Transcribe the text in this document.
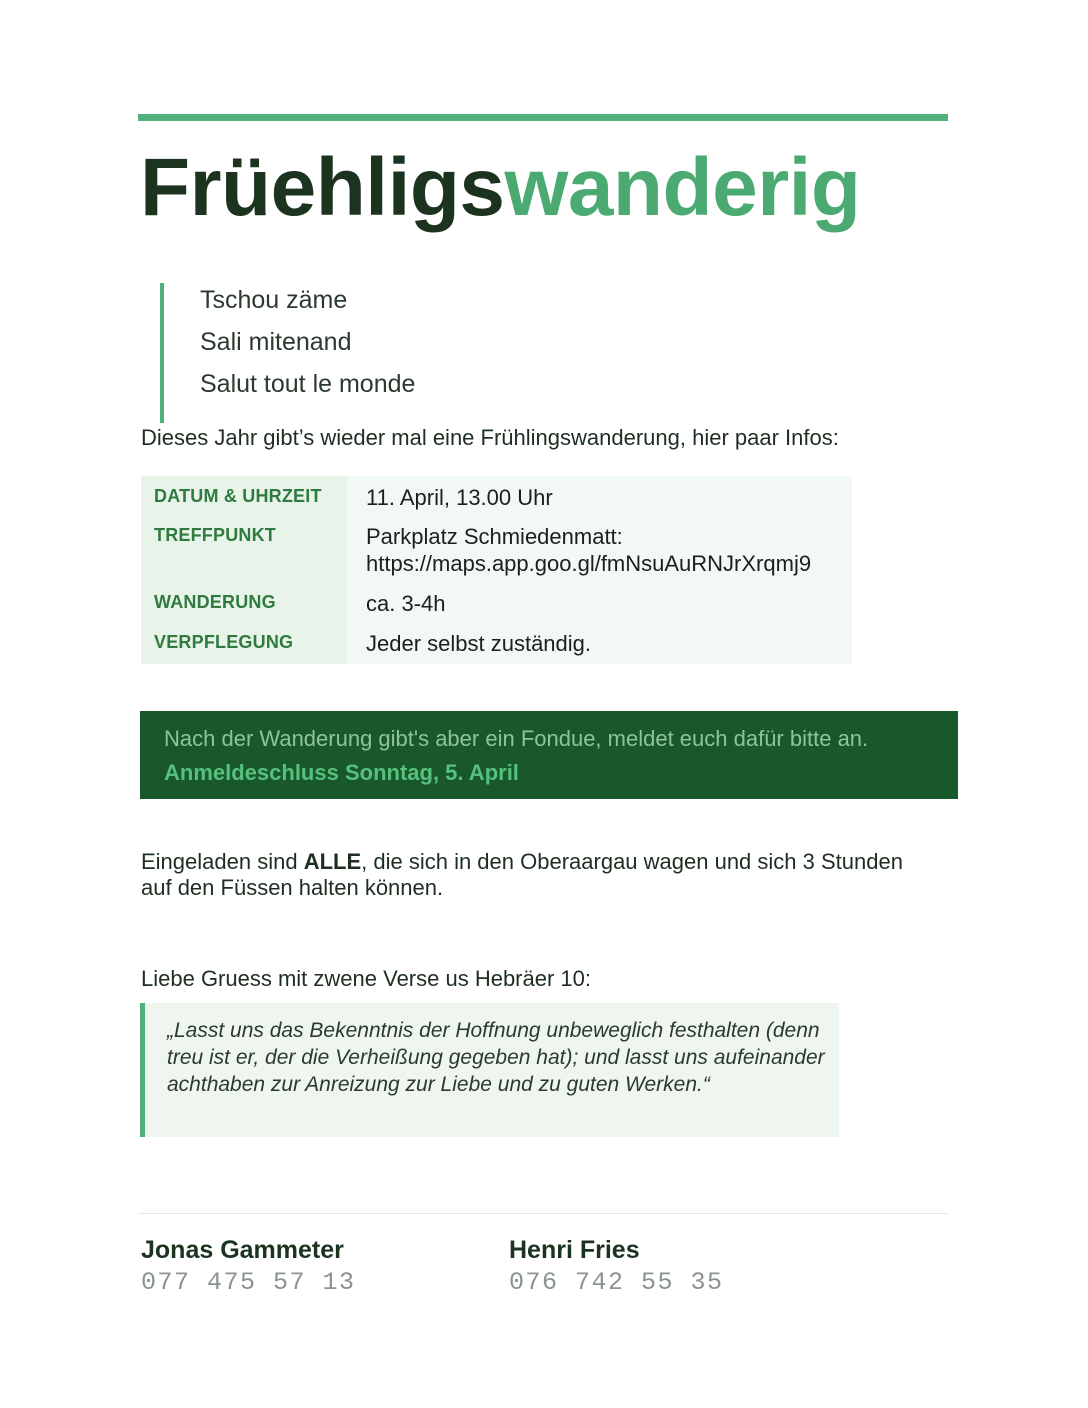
Früehligswanderig
Tschou zäme
Sali mitenand
Salut tout le monde
Dieses Jahr gibt’s wieder mal eine Frühlingswanderung, hier paar Infos:
DATUM & UHRZEIT 11. April, 13.00 Uhr
TREFFPUNKT	Parkplatz Schmiedenmatt:
https://maps.app.goo.gl/fmNsuAuRNJrXrqmj9
WANDERUNG	ca. 3-4h
VERPFLEGUNG	Jeder selbst zuständig.
Nach der Wanderung gibt's aber ein Fondue, meldet euch dafür bitte an.
Anmeldeschluss Sonntag, 5. April
Eingeladen sind ALLE, die sich in den Oberaargau wagen und sich 3 Stunden auf den Füssen halten können.
Liebe Gruess mit zwene Verse us Hebräer 10:

„Lasst uns das Bekenntnis der Hoffnung unbeweglich festhalten (denn treu ist er, der die Verheißung gegeben hat); und lasst uns aufeinander achthaben zur Anreizung zur Liebe und zu guten Werken.“

Jonas Gammeter
077 475 57 13
Henri Fries
076 742 55 35
